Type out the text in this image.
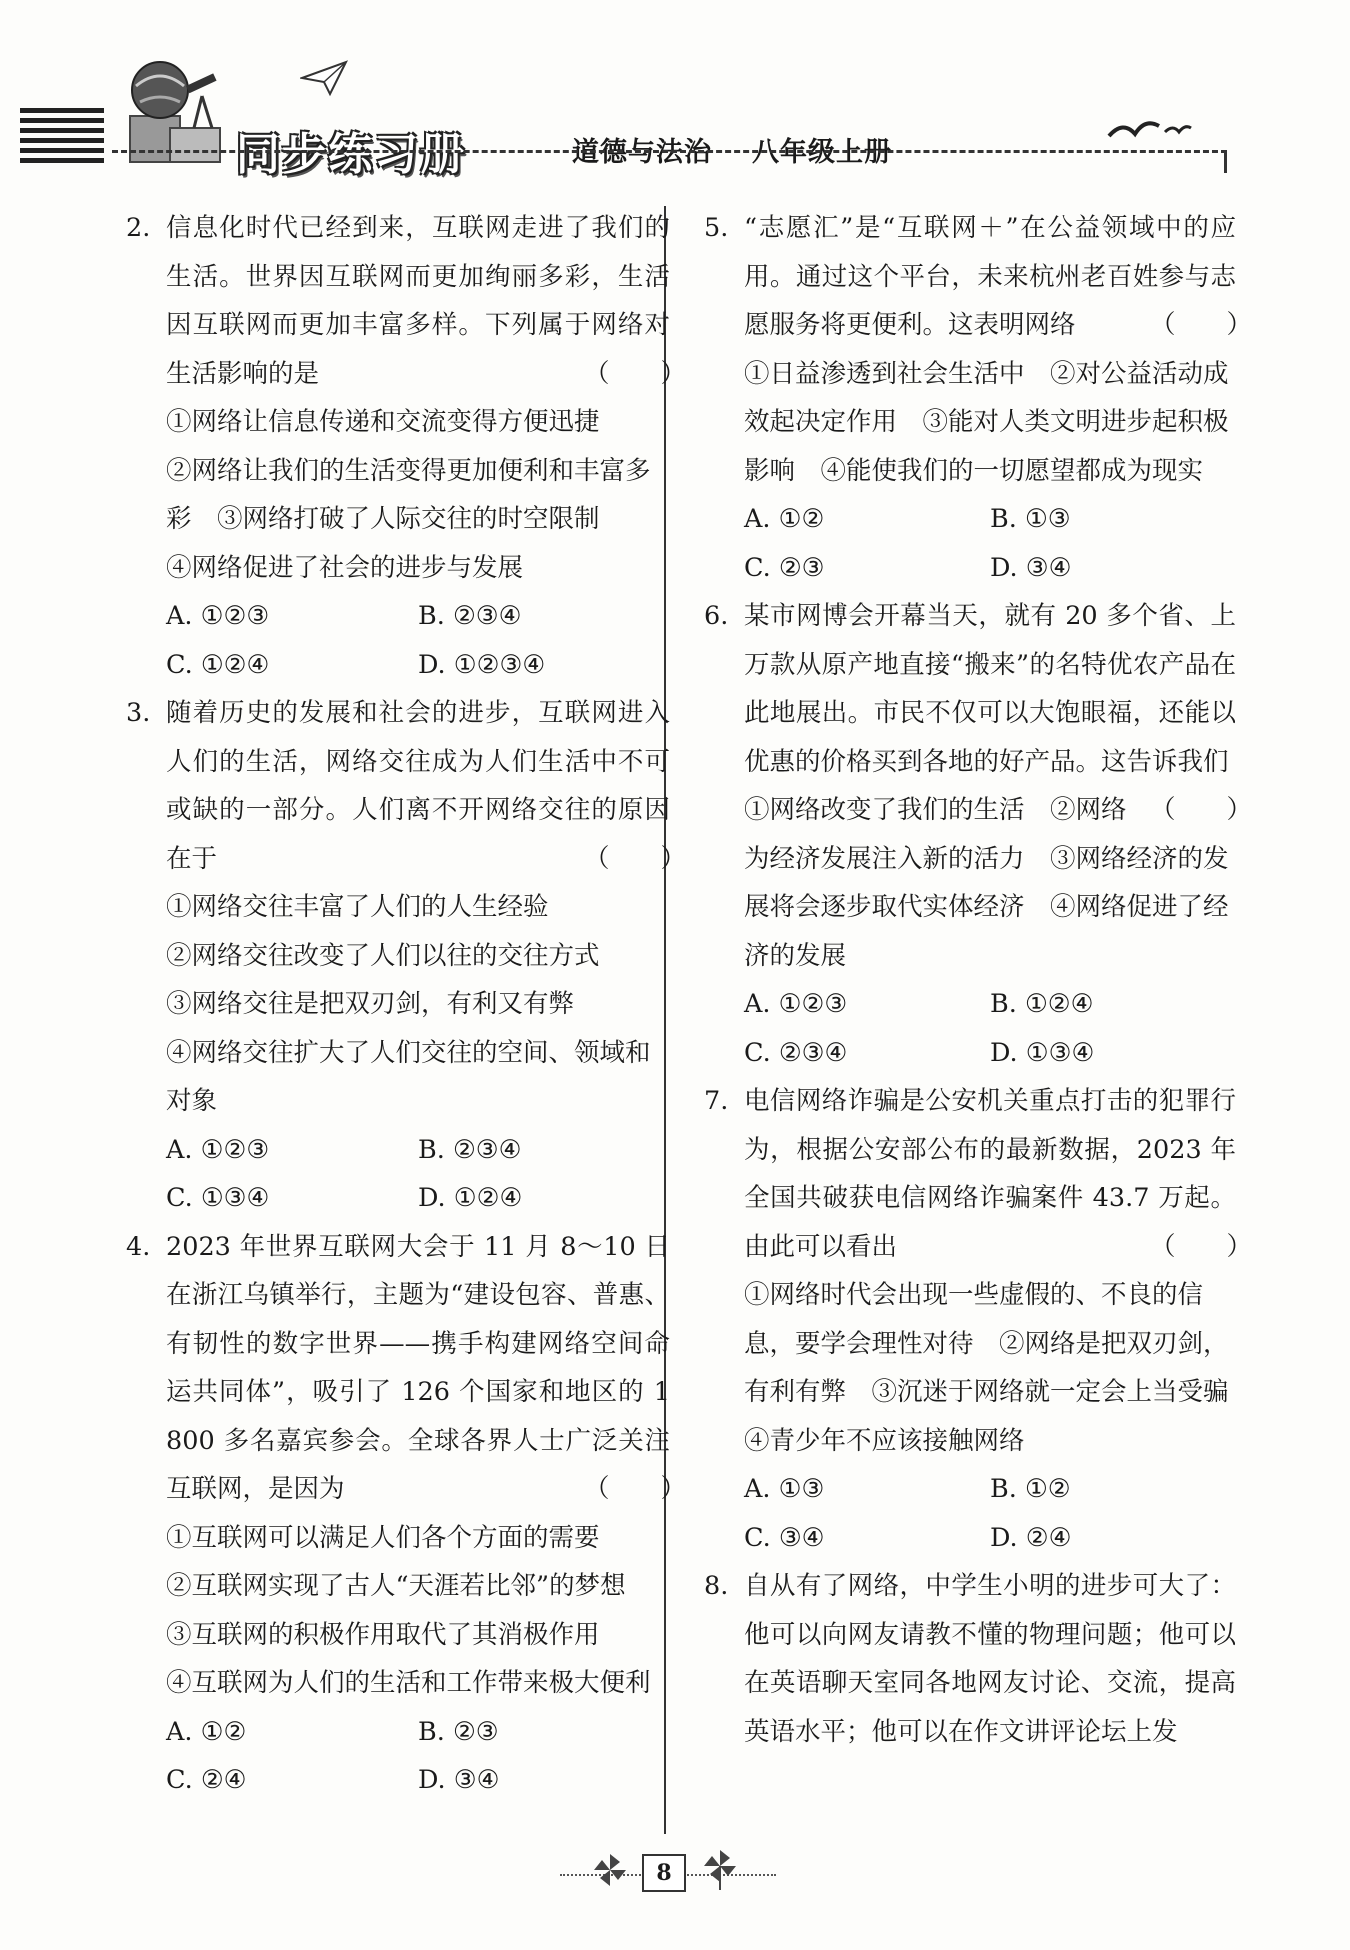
同步练习册	道德与法治 八年级上册
2. 信息化时代已经到来，互联网走进了我们的生活。世界因互联网而更加绚丽多彩，生活因互联网而更加丰富多样。下列属于网络对生活影响的是	（　　）
①网络让信息传递和交流变得方便迅捷
②网络让我们的生活变得更加便利和丰富多彩　③网络打破了人际交往的时空限制
④网络促进了社会的进步与发展
A. ①②③	B. ②③④
C. ①②④	D. ①②③④
3. 随着历史的发展和社会的进步，互联网进入人们的生活，网络交往成为人们生活中不可或缺的一部分。人们离不开网络交往的原因在于	（　　）
①网络交往丰富了人们的人生经验
②网络交往改变了人们以往的交往方式
③网络交往是把双刃剑，有利又有弊
④网络交往扩大了人们交往的空间、领域和对象
A. ①②③	B. ②③④
C. ①③④	D. ①②④
4. 2023 年世界互联网大会于 11 月 8～10 日在浙江乌镇举行，主题为“建设包容、普惠、有韧性的数字世界——携手构建网络空间命运共同体”，吸引了 126 个国家和地区的 1 800 多名嘉宾参会。全球各界人士广泛关注互联网，是因为	（　　）
①互联网可以满足人们各个方面的需要
②互联网实现了古人“天涯若比邻”的梦想
③互联网的积极作用取代了其消极作用
④互联网为人们的生活和工作带来极大便利
A. ①②	B. ②③
C. ②④	D. ③④
5. “志愿汇”是“互联网＋”在公益领域中的应用。通过这个平台，未来杭州老百姓参与志愿服务将更便利。这表明网络	（　　）
①日益渗透到社会生活中　②对公益活动成效起决定作用　③能对人类文明进步起积极影响　④能使我们的一切愿望都成为现实
A. ①②	B. ①③
C. ②③	D. ③④
6. 某市网博会开幕当天，就有 20 多个省、上万款从原产地直接“搬来”的名特优农产品在此地展出。市民不仅可以大饱眼福，还能以优惠的价格买到各地的好产品。这告诉我们
（　　）
①网络改变了我们的生活　②网络为经济发展注入新的活力　③网络经济的发展将会逐步取代实体经济　④网络促进了经济的发展
A. ①②③	B. ①②④
C. ②③④	D. ①③④
7. 电信网络诈骗是公安机关重点打击的犯罪行为，根据公安部公布的最新数据，2023 年全国共破获电信网络诈骗案件 43.7 万起。由此可以看出	（　　）
①网络时代会出现一些虚假的、不良的信息，要学会理性对待　②网络是把双刃剑，有利有弊　③沉迷于网络就一定会上当受骗　④青少年不应该接触网络
A. ①③	B. ①②
C. ③④	D. ②④
8. 自从有了网络，中学生小明的进步可大了：他可以向网友请教不懂的物理问题；他可以在英语聊天室同各地网友讨论、交流，提高英语水平；他可以在作文讲评论坛上发
8
